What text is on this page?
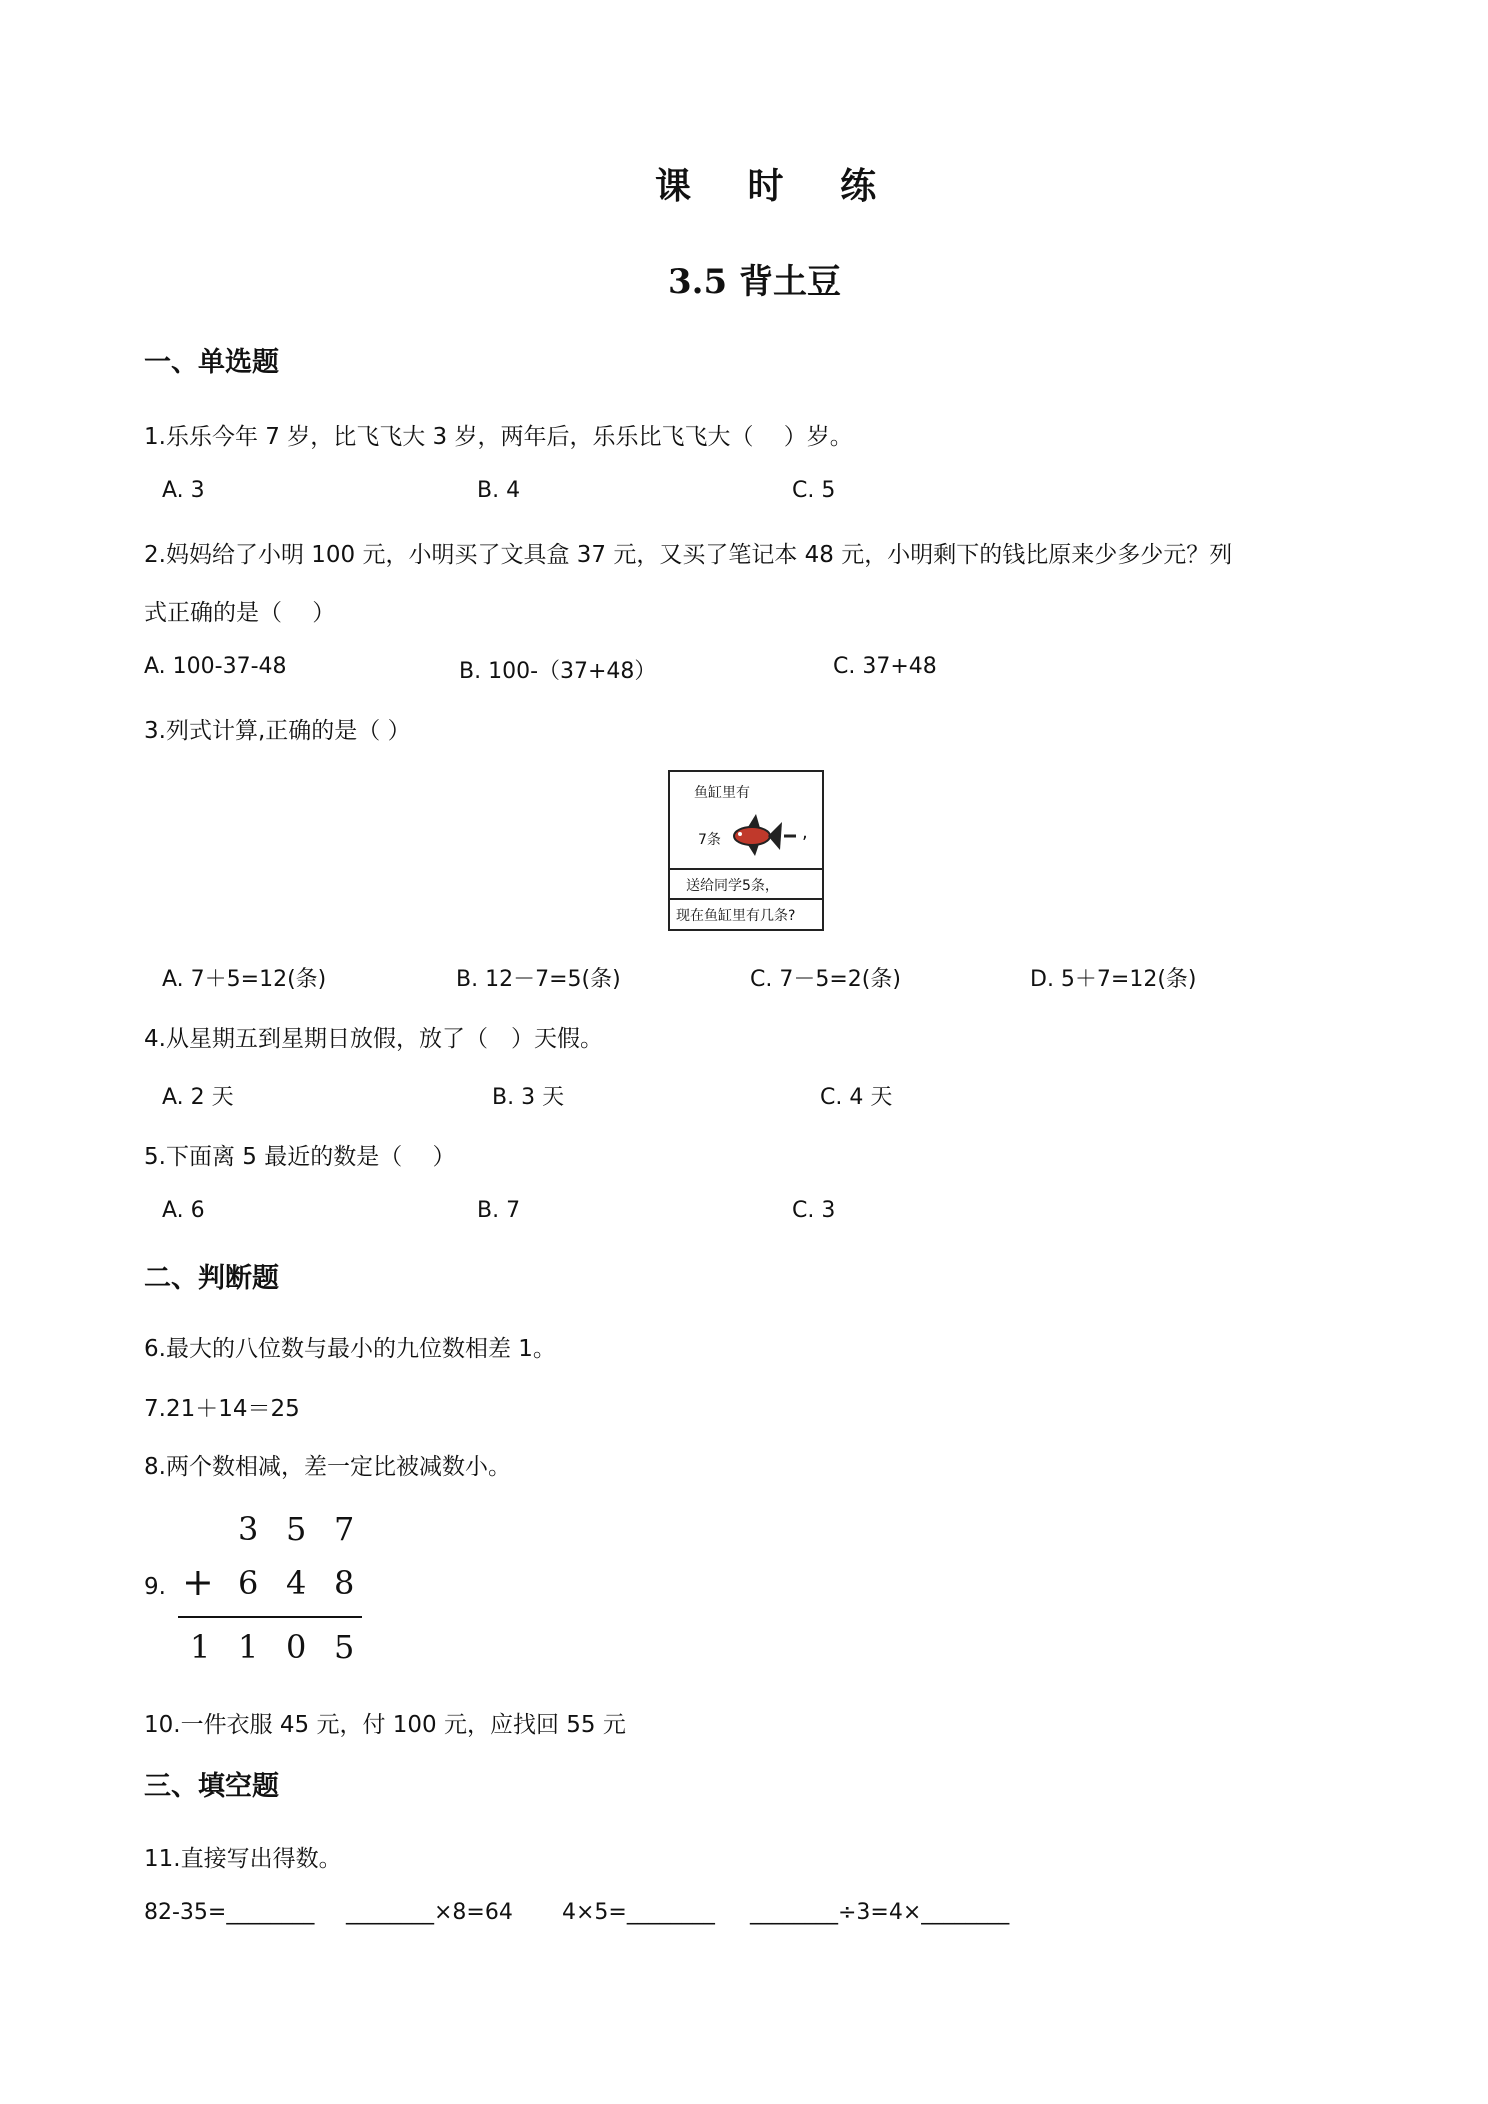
课 时 练
3.5 背土豆
一、单选题
1.乐乐今年 7 岁，比飞飞大 3 岁，两年后，乐乐比飞飞大（　 ）岁。
A. 3	B. 4	C. 5
2.妈妈给了小明 100 元，小明买了文具盒 37 元，又买了笔记本 48 元，小明剩下的钱比原来少多少元？列
式正确的是（　 ）
A. 100-37-48	B. 100-（37+48）	C. 37+48
3.列式计算,正确的是（ ）
鱼缸里有
7条	,
送给同学5条，
现在鱼缸里有几条?
A. 7＋5=12(条)	B. 12－7=5(条)	C. 7－5=2(条)	D. 5＋7=12(条)
4.从星期五到星期日放假，放了（　）天假。
A. 2 天	B. 3 天	C. 4 天
5.下面离 5 最近的数是（　 ）
A. 6	B. 7	C. 3
二、判断题
6.最大的八位数与最小的九位数相差 1。
7.21＋14＝25
8.两个数相减，差一定比被减数小。
9.
3 5 7
+ 6 4 8
1 1 0 5
10.一件衣服 45 元，付 100 元，应找回 55 元
三、填空题
11.直接写出得数。
82-35=________ ________×8=64 4×5=________ ________÷3=4×________
